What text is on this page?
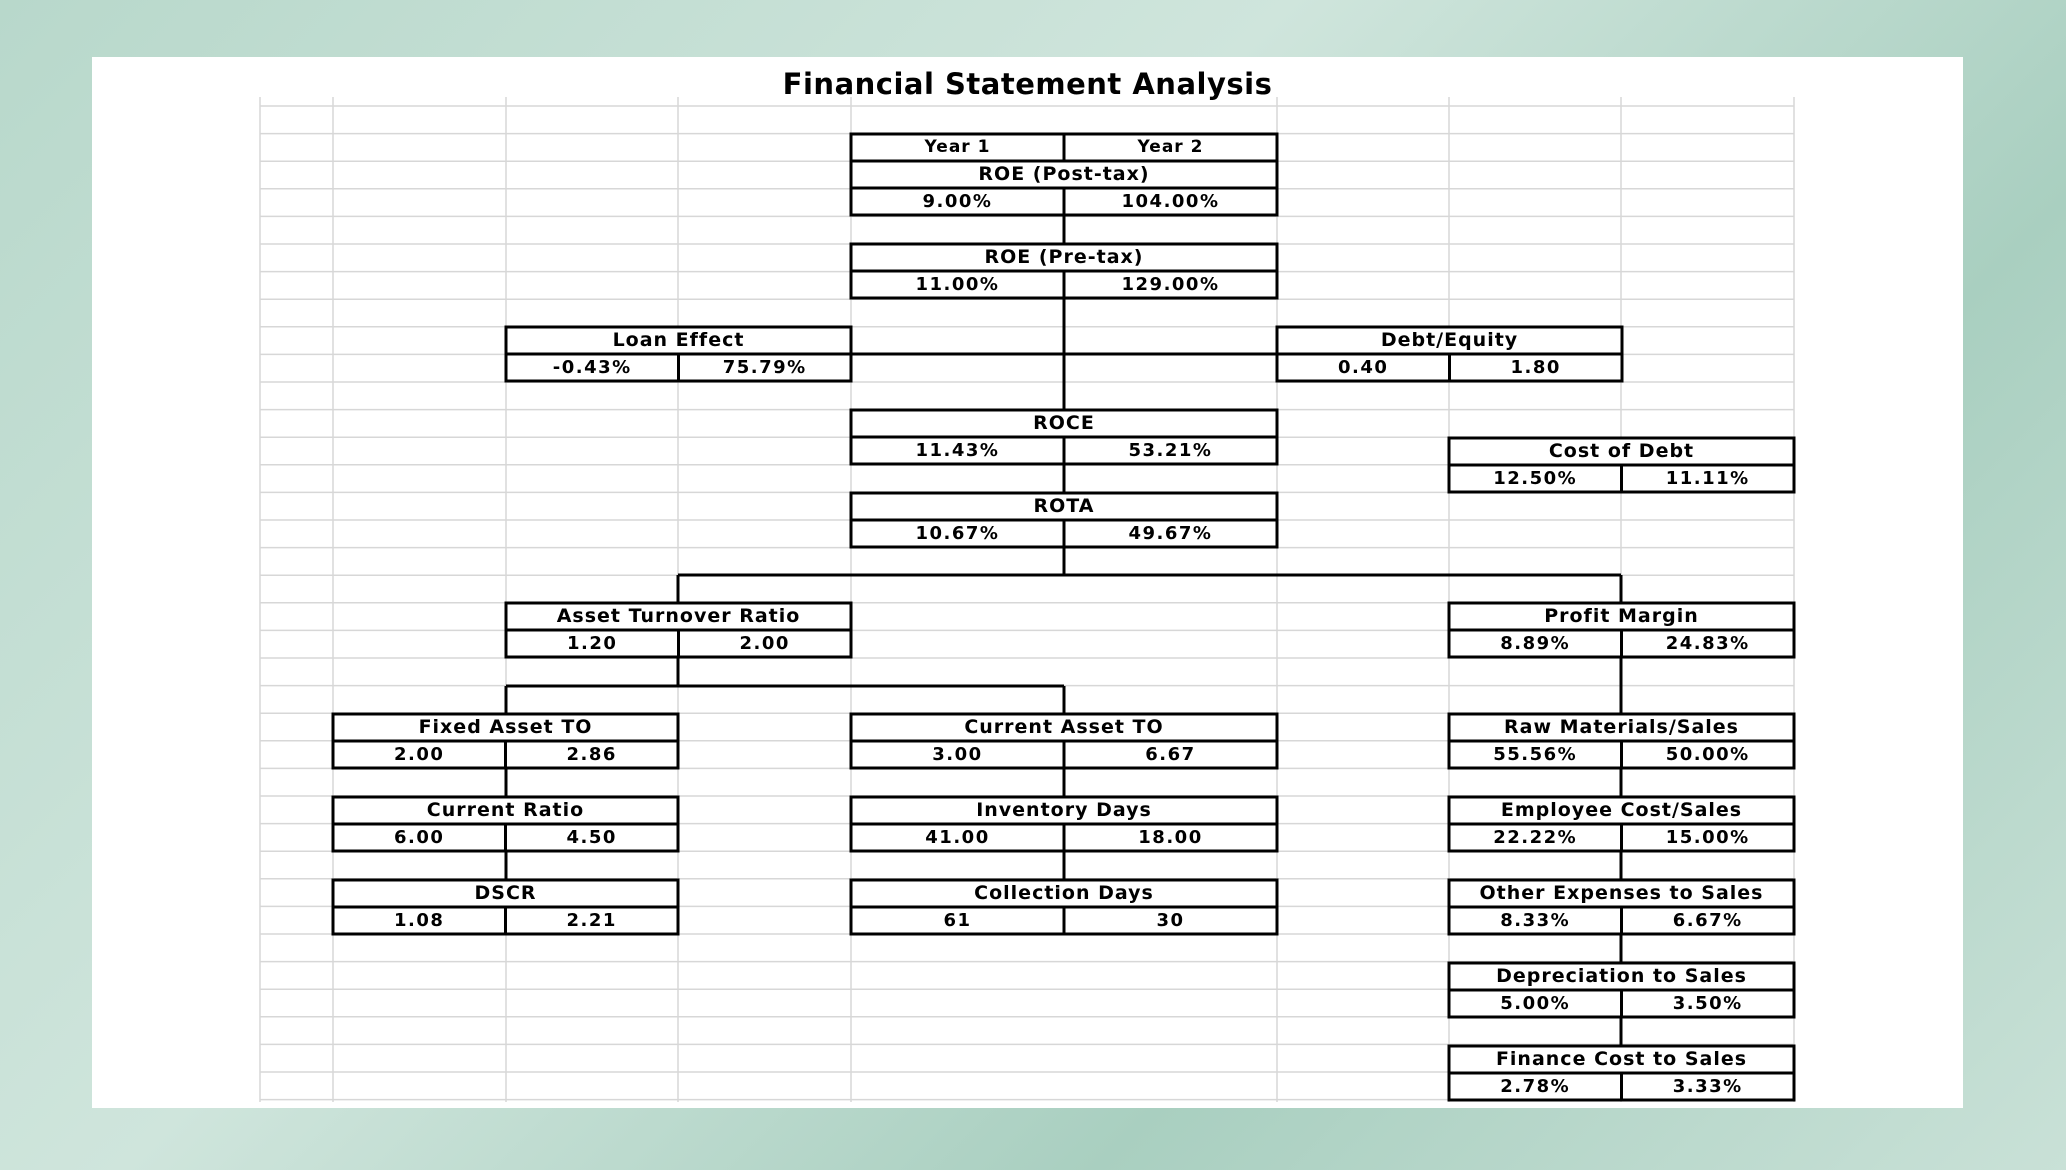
Financial Statement Analysis
Year 1	Year 2
ROE (Post-tax)
9.00%	104.00%
ROE (Pre-tax)
11.00%	129.00%
Loan Effect
-0.43%	75.79%
Debt/Equity
0.40	1.80
ROCE
11.43%	53.21%	Cost of Debt
12.50%	11.11%
ROTA
10.67%	49.67%
Asset Turnover Ratio
1.20	2.00
Profit Margin
8.89%	24.83%
Fixed Asset TO
2.00	2.86
Current Asset TO
3.00	6.67
Raw Materials/Sales
55.56%	50.00%
Current Ratio
6.00	4.50
Inventory Days
41.00	18.00
Employee Cost/Sales
22.22%	15.00%
DSCR
1.08	2.21
Collection Days
61	30
Other Expenses to Sales
8.33%	6.67%
Depreciation to Sales
5.00%	3.50%
Finance Cost to Sales
2.78%	3.33%
